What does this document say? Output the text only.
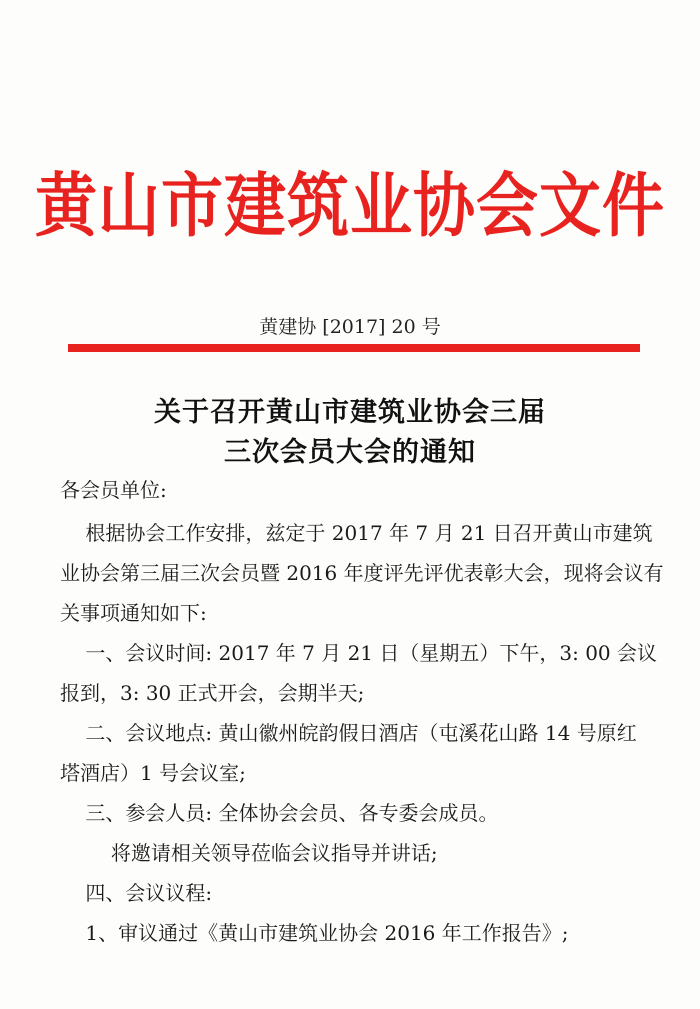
黄山市建筑业协会文件
黄建协 [2017] 20 号
关于召开黄山市建筑业协会三届
三次会员大会的通知
各会员单位:
根据协会工作安排，兹定于 2017 年 7 月 21 日召开黄山市建筑
业协会第三届三次会员暨 2016 年度评先评优表彰大会，现将会议有
关事项通知如下:
一、会议时间: 2017 年 7 月 21 日（星期五）下午，3: 00 会议
报到，3: 30 正式开会，会期半天;
二、会议地点: 黄山徽州皖韵假日酒店（屯溪花山路 14 号原红
塔酒店）1 号会议室;
三、参会人员: 全体协会会员、各专委会成员。
将邀请相关领导莅临会议指导并讲话;
四、会议议程:
1、审议通过《黄山市建筑业协会 2016 年工作报告》;
